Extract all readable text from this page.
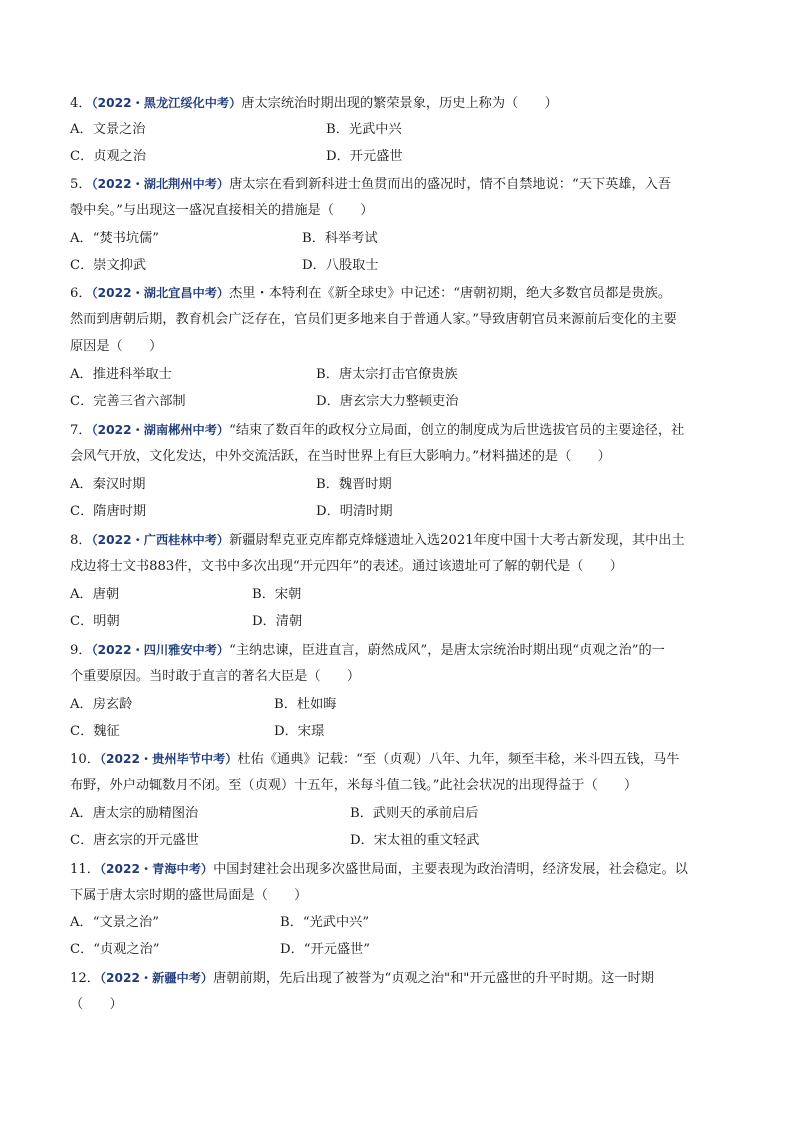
4．（2022・黑龙江绥化中考）唐太宗统治时期出现的繁荣景象，历史上称为（　　）
A．文景之治	B．光武中兴
C．贞观之治	D．开元盛世
5．（2022・湖北荆州中考）唐太宗在看到新科进士鱼贯而出的盛况时，情不自禁地说：“天下英雄，入吾
彀中矣。”与出现这一盛况直接相关的措施是（　　）
A．“焚书坑儒”	B．科举考试
C．崇文抑武	D．八股取士
6．（2022・湖北宜昌中考）杰里・本特利在《新全球史》中记述：“唐朝初期，绝大多数官员都是贵族。
然而到唐朝后期，教育机会广泛存在，官员们更多地来自于普通人家。”导致唐朝官员来源前后变化的主要
原因是（　　）
A．推进科举取士	B．唐太宗打击官僚贵族
C．完善三省六部制	D．唐玄宗大力整顿吏治
7．（2022・湖南郴州中考）“结束了数百年的政权分立局面，创立的制度成为后世选拔官员的主要途径，社
会风气开放，文化发达，中外交流活跃，在当时世界上有巨大影响力。”材料描述的是（　　）
A．秦汉时期	B．魏晋时期
C．隋唐时期	D．明清时期
8．（2022・广西桂林中考）新疆尉犁克亚克库都克烽燧遗址入选2021年度中国十大考古新发现，其中出土
戍边将士文书883件，文书中多次出现“开元四年”的表述。通过该遗址可了解的朝代是（　　）
A．唐朝	B．宋朝
C．明朝	D．清朝
9．（2022・四川雅安中考）“主纳忠谏，臣进直言，蔚然成风”，是唐太宗统治时期出现“贞观之治”的一
个重要原因。当时敢于直言的著名大臣是（　　）
A．房玄龄	B．杜如晦
C．魏征	D．宋璟
10．（2022・贵州毕节中考）杜佑《通典》记载：“至（贞观）八年、九年，频至丰稔，米斗四五钱，马牛
布野，外户动辄数月不闭。至（贞观）十五年，米每斗值二钱。”此社会状况的出现得益于（　　）
A．唐太宗的励精图治	B．武则天的承前启后
C．唐玄宗的开元盛世	D．宋太祖的重文轻武
11．（2022・青海中考）中国封建社会出现多次盛世局面，主要表现为政治清明，经济发展，社会稳定。以
下属于唐太宗时期的盛世局面是（　　）
A．“文景之治”	B．“光武中兴”
C．“贞观之治”	D．“开元盛世”
12．（2022・新疆中考）唐朝前期，先后出现了被誉为“贞观之治"和"开元盛世的升平时期。这一时期
（　　）
